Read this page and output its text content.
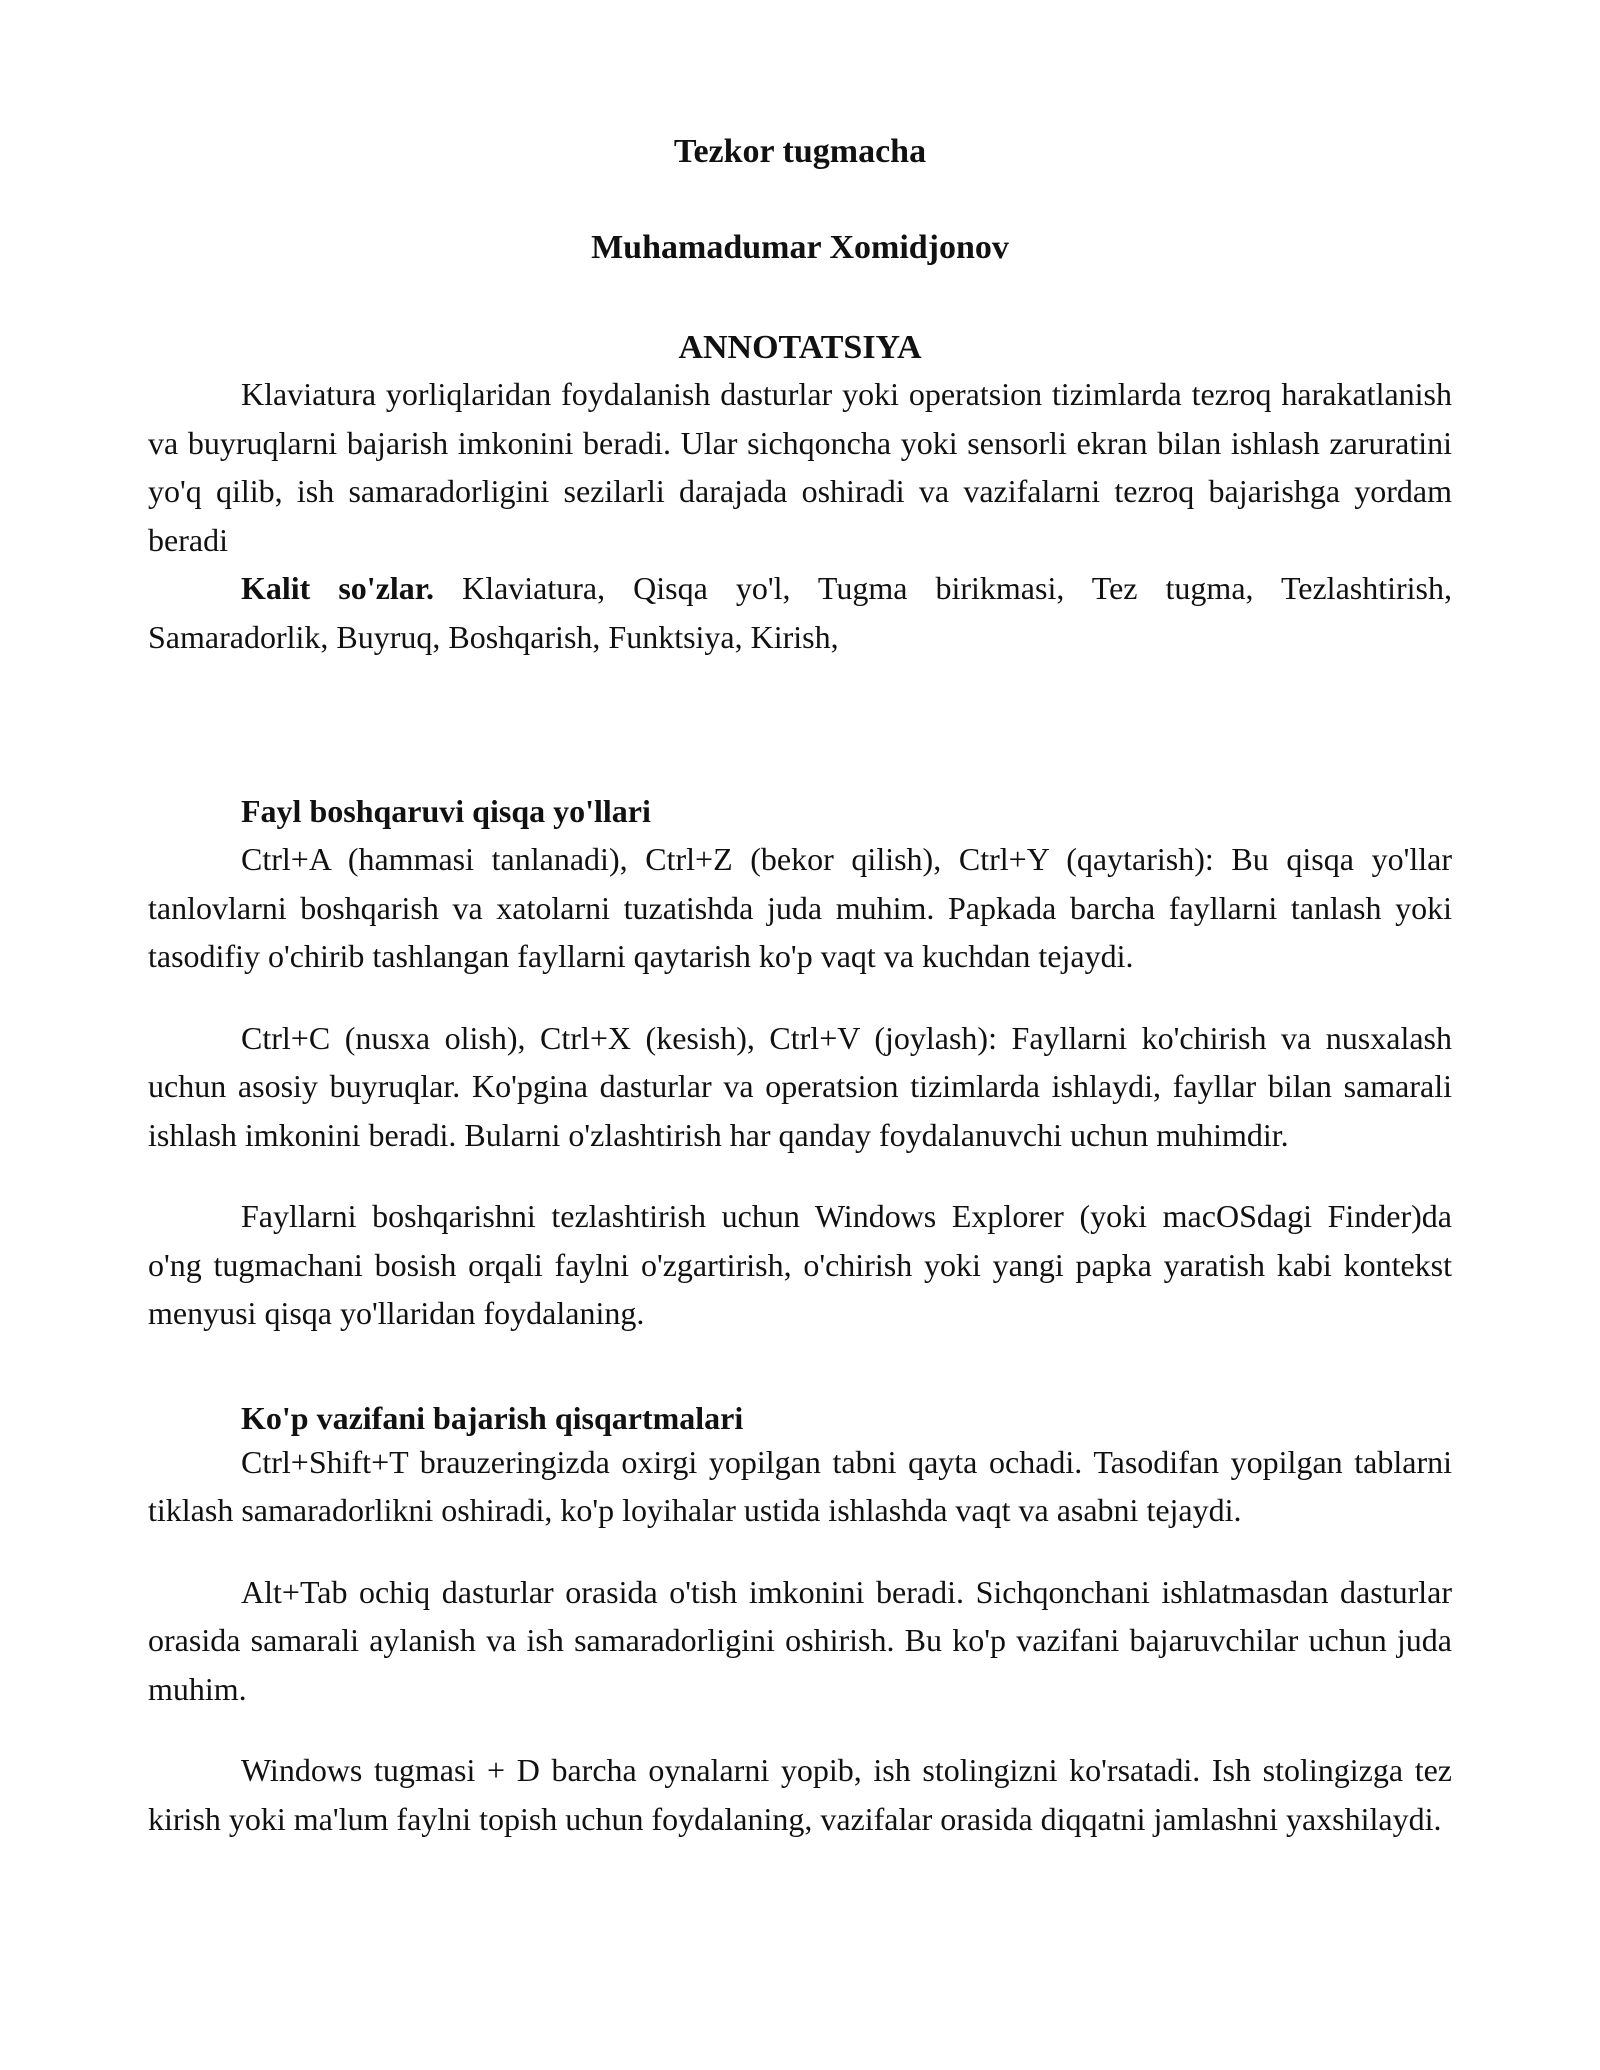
Tezkor tugmacha
Muhamadumar Xomidjonov
ANNOTATSIYA

Klaviatura yorliqlaridan foydalanish dasturlar yoki operatsion tizimlarda tezroq harakatlanish va buyruqlarni bajarish imkonini beradi. Ular sichqoncha yoki sensorli ekran bilan ishlash zaruratini yo'q qilib, ish samaradorligini sezilarli darajada oshiradi va vazifalarni tezroq bajarishga yordam beradi

Kalit so'zlar. Klaviatura, Qisqa yo'l, Tugma birikmasi, Tez tugma, Tezlashtirish, Samaradorlik, Buyruq, Boshqarish, Funktsiya, Kirish,

Fayl boshqaruvi qisqa yo'llari

Ctrl+A (hammasi tanlanadi), Ctrl+Z (bekor qilish), Ctrl+Y (qaytarish): Bu qisqa yo'llar tanlovlarni boshqarish va xatolarni tuzatishda juda muhim. Papkada barcha fayllarni tanlash yoki tasodifiy o'chirib tashlangan fayllarni qaytarish ko'p vaqt va kuchdan tejaydi.

Ctrl+C (nusxa olish), Ctrl+X (kesish), Ctrl+V (joylash): Fayllarni ko'chirish va nusxalash uchun asosiy buyruqlar. Ko'pgina dasturlar va operatsion tizimlarda ishlaydi, fayllar bilan samarali ishlash imkonini beradi. Bularni o'zlashtirish har qanday foydalanuvchi uchun muhimdir.

Fayllarni boshqarishni tezlashtirish uchun Windows Explorer (yoki macOSdagi Finder)da o'ng tugmachani bosish orqali faylni o'zgartirish, o'chirish yoki yangi papka yaratish kabi kontekst menyusi qisqa yo'llaridan foydalaning.

Ko'p vazifani bajarish qisqartmalari

Ctrl+Shift+T brauzeringizda oxirgi yopilgan tabni qayta ochadi. Tasodifan yopilgan tablarni tiklash samaradorlikni oshiradi, ko'p loyihalar ustida ishlashda vaqt va asabni tejaydi.

Alt+Tab ochiq dasturlar orasida o'tish imkonini beradi. Sichqonchani ishlatmasdan dasturlar orasida samarali aylanish va ish samaradorligini oshirish. Bu ko'p vazifani bajaruvchilar uchun juda muhim.

Windows tugmasi + D barcha oynalarni yopib, ish stolingizni ko'rsatadi. Ish stolingizga tez kirish yoki ma'lum faylni topish uchun foydalaning, vazifalar orasida diqqatni jamlashni yaxshilaydi.
